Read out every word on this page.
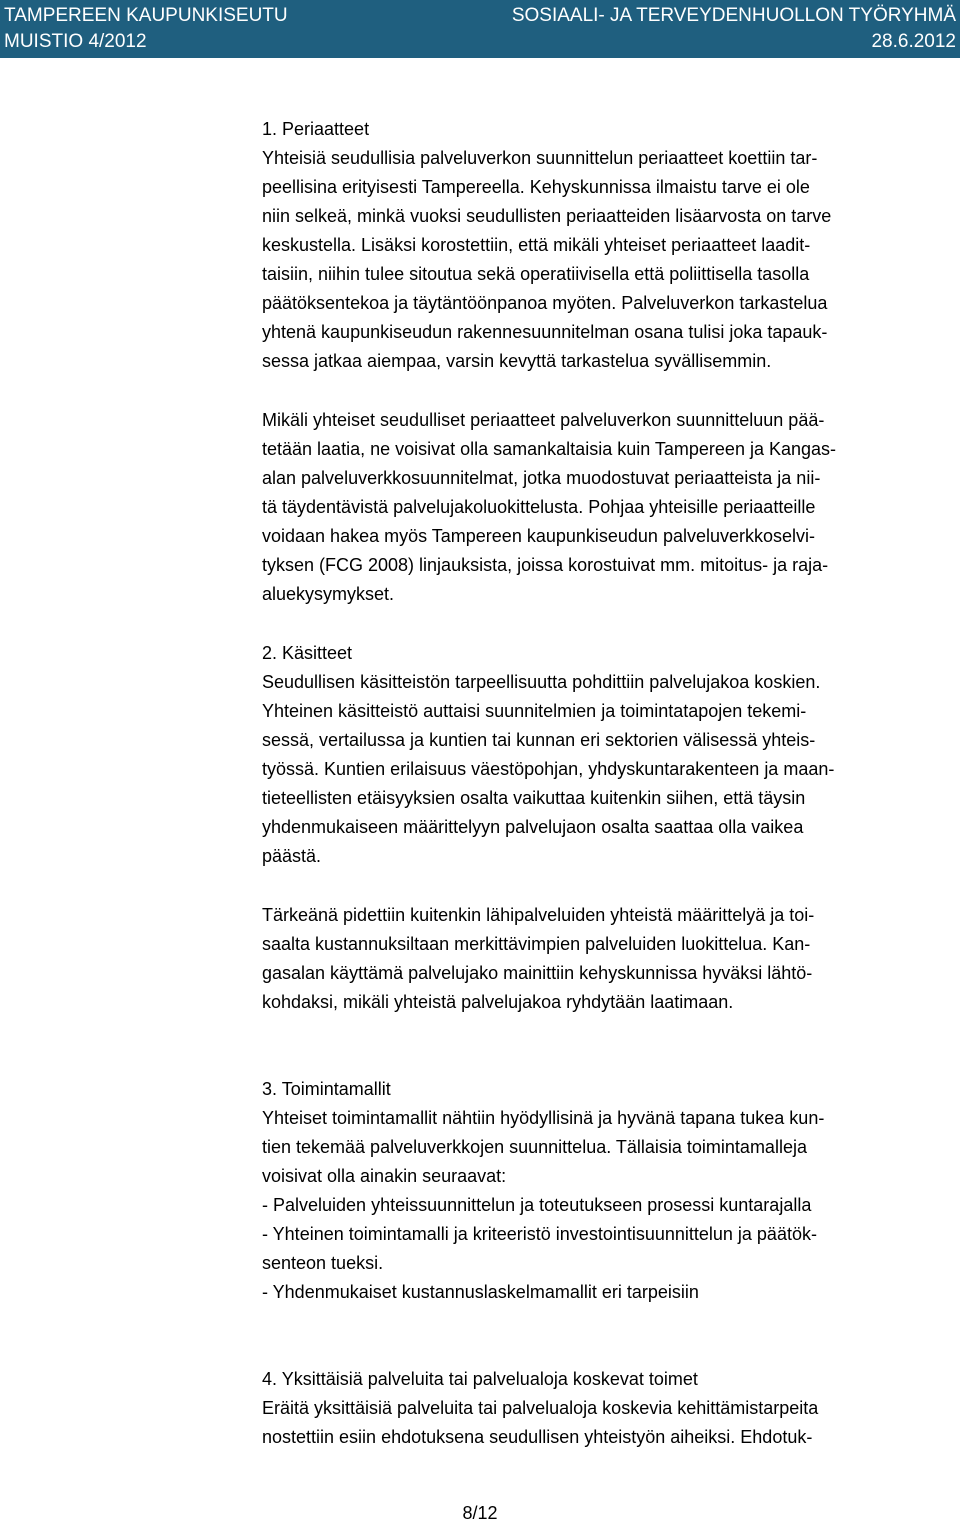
TAMPEREEN KAUPUNKISEUTU	SOSIAALI- JA TERVEYDENHUOLLON TYÖRYHMÄ
MUISTIO 4/2012	28.6.2012

1. Periaatteet

Yhteisiä seudullisia palveluverkon suunnittelun periaatteet koettiin tar-
peellisina erityisesti Tampereella. Kehyskunnissa ilmaistu tarve ei ole
niin selkeä, minkä vuoksi seudullisten periaatteiden lisäarvosta on tarve
keskustella. Lisäksi korostettiin, että mikäli yhteiset periaatteet laadit-
taisiin, niihin tulee sitoutua sekä operatiivisella että poliittisella tasolla
päätöksentekoa ja täytäntöönpanoa myöten. Palveluverkon tarkastelua
yhtenä kaupunkiseudun rakennesuunnitelman osana tulisi joka tapauk-
sessa jatkaa aiempaa, varsin kevyttä tarkastelua syvällisemmin.

Mikäli yhteiset seudulliset periaatteet palveluverkon suunnitteluun pää-
tetään laatia, ne voisivat olla samankaltaisia kuin Tampereen ja Kangas-
alan palveluverkkosuunnitelmat, jotka muodostuvat periaatteista ja nii-
tä täydentävistä palvelujakoluokittelusta. Pohjaa yhteisille periaatteille
voidaan hakea myös Tampereen kaupunkiseudun palveluverkkoselvi-
tyksen (FCG 2008) linjauksista, joissa korostuivat mm. mitoitus- ja raja-
aluekysymykset.

2. Käsitteet

Seudullisen käsitteistön tarpeellisuutta pohdittiin palvelujakoa koskien.
Yhteinen käsitteistö auttaisi suunnitelmien ja toimintatapojen tekemi-
sessä, vertailussa ja kuntien tai kunnan eri sektorien välisessä yhteis-
työssä. Kuntien erilaisuus väestöpohjan, yhdyskuntarakenteen ja maan-
tieteellisten etäisyyksien osalta vaikuttaa kuitenkin siihen, että täysin
yhdenmukaiseen määrittelyyn palvelujaon osalta saattaa olla vaikea
päästä.

Tärkeänä pidettiin kuitenkin lähipalveluiden yhteistä määrittelyä ja toi-
saalta kustannuksiltaan merkittävimpien palveluiden luokittelua. Kan-
gasalan käyttämä palvelujako mainittiin kehyskunnissa hyväksi lähtö-
kohdaksi, mikäli yhteistä palvelujakoa ryhdytään laatimaan.

3. Toimintamallit

Yhteiset toimintamallit nähtiin hyödyllisinä ja hyvänä tapana tukea kun-
tien tekemää palveluverkkojen suunnittelua. Tällaisia toimintamalleja
voisivat olla ainakin seuraavat:
- Palveluiden yhteissuunnittelun ja toteutukseen prosessi kuntarajalla
- Yhteinen toimintamalli ja kriteeristö investointisuunnittelun ja päätök-
senteon tueksi.
- Yhdenmukaiset kustannuslaskelmamallit eri tarpeisiin

4. Yksittäisiä palveluita tai palvelualoja koskevat toimet

Eräitä yksittäisiä palveluita tai palvelualoja koskevia kehittämistarpeita
nostettiin esiin ehdotuksena seudullisen yhteistyön aiheiksi. Ehdotuk-

8/12
